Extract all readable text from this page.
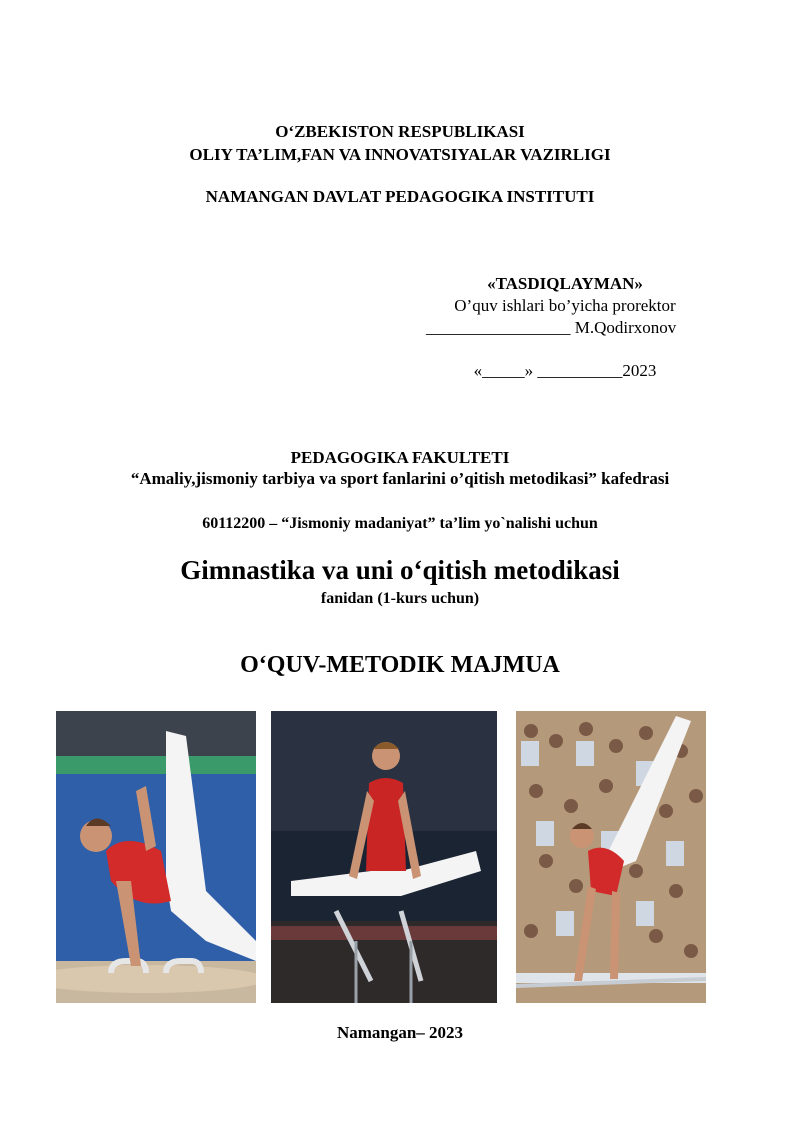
O‘ZBEKISTON RESPUBLIKASI
OLIY TA’LIM,FAN VA INNOVATSIYALAR VAZIRLIGI
NAMANGAN DAVLAT PEDAGOGIKA INSTITUTI
«TASDIQLAYMAN»
O’quv ishlari bo’yicha prorektor
_________________ M.Qodirxonov
«_____» __________2023
PEDAGOGIKA FAKULTETI
“Amaliy,jismoniy tarbiya va sport fanlarini o’qitish metodikasi” kafedrasi
60112200 – “Jismoniy madaniyat” ta’lim yo`nalishi uchun
Gimnastika va uni o‘qitish metodikasi
fanidan (1-kurs uchun)
O‘QUV-METODIK MAJMUA
Namangan– 2023
